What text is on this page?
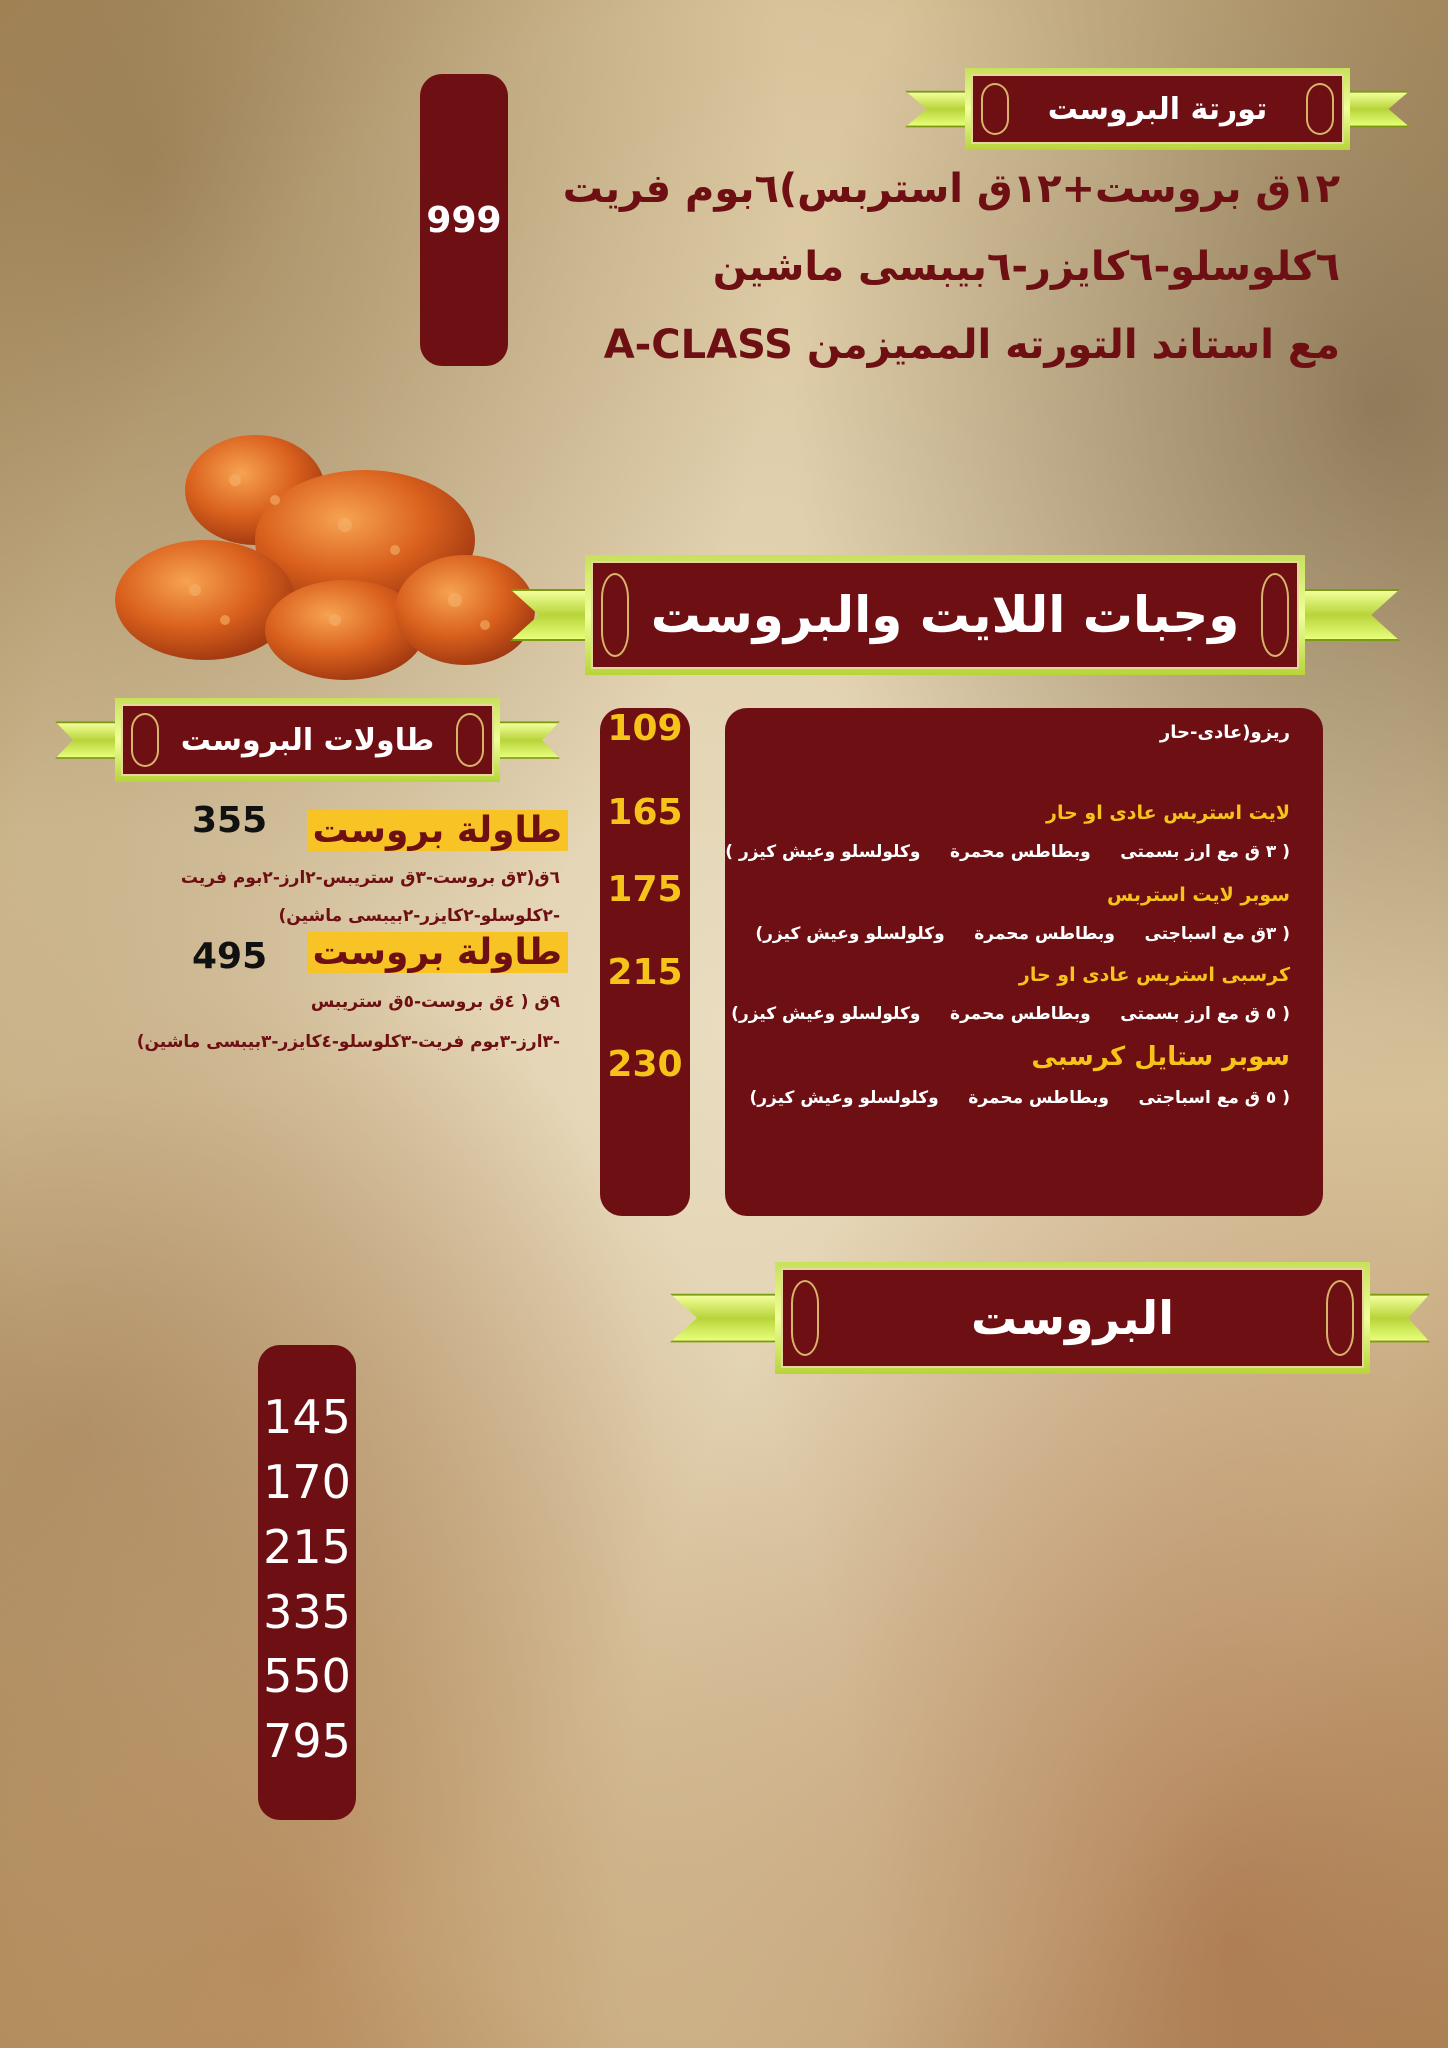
تورتة البروست
999
١٢ق بروست+١٢ق استربس)٦بوم فريت
٦كلوسلو-٦كايزر-٦بيبسى ماشين
مع استاند التورته المميزمن A-CLASS
وجبات اللايت والبروست
109
165
175
215
230
ريزو(عادى-حار
لايت استربس عادى او حار
( ٣ ق مع ارز بسمتى     وبطاطس محمرة     وكلولسلو وعيش كيزر )
سوبر لايت استربس
( ٣ق مع اسباجتى     وبطاطس محمرة     وكلولسلو وعيش كيزر)
كرسبى استربس عادى او حار
( ٥ ق مع ارز بسمتى     وبطاطس محمرة     وكلولسلو وعيش كيزر)
سوبر ستايل كرسبى
( ٥ ق مع اسباجتى     وبطاطس محمرة     وكلولسلو وعيش كيزر)
طاولات البروست
طاولة بروست
355
٦ق(٣ق بروست-٣ق ستريبس-٢ارز-٢بوم فريت
-٢كلوسلو-٢كايزر-٢بيبسى ماشين)
طاولة بروست
495
٩ق ( ٤ق بروست-٥ق ستريبس
-٣ارز-٣بوم فريت-٣كلوسلو-٤كايزر-٣بيبسى ماشين)
البروست
145
170
215
335
550
795
